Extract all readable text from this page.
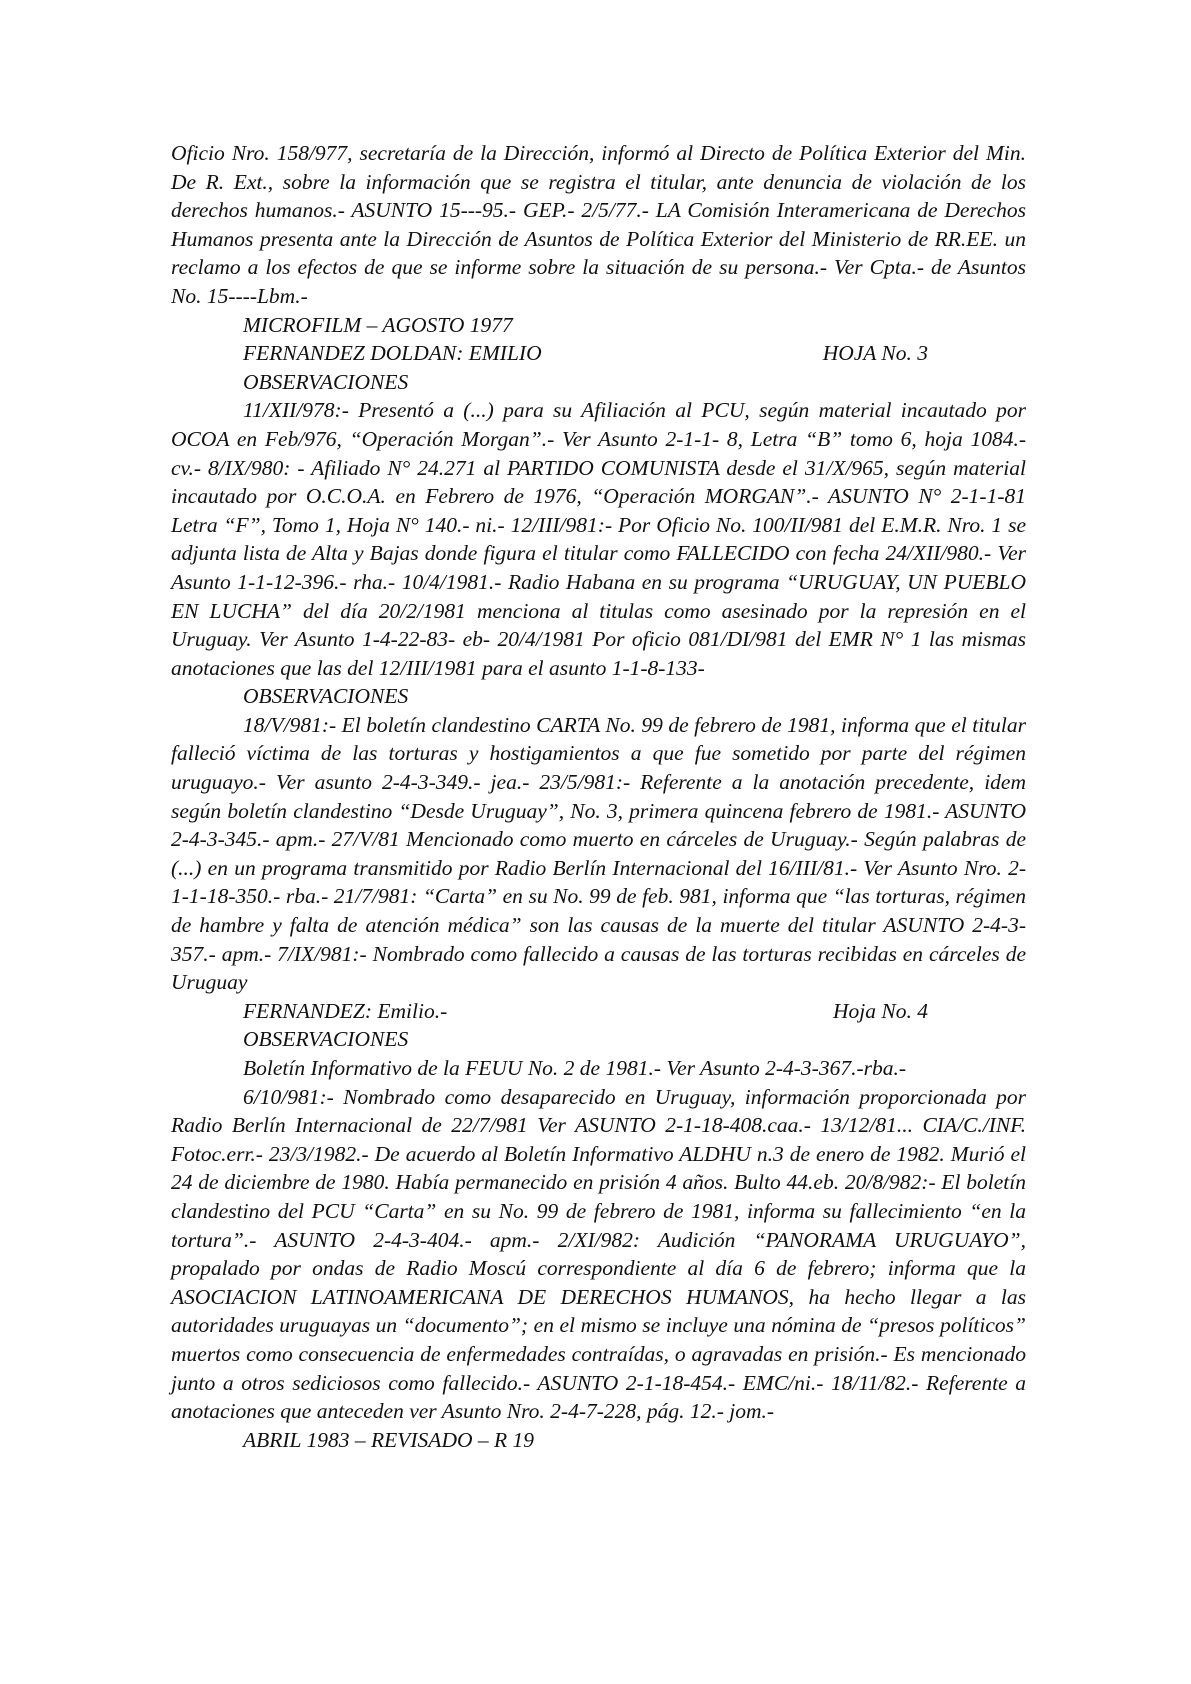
Oficio Nro. 158/977, secretaría de la Dirección, informó al Directo de Política Exterior del Min. De R. Ext., sobre la información que se registra el titular, ante denuncia de violación de los derechos humanos.- ASUNTO 15---95.- GEP.- 2/5/77.- LA Comisión Interamericana de Derechos Humanos presenta ante la Dirección de Asuntos de Política Exterior del Ministerio de RR.EE. un reclamo a los efectos de que se informe sobre la situación de su persona.- Ver Cpta.- de Asuntos No. 15----Lbm.-

MICROFILM – AGOSTO 1977

FERNANDEZ DOLDAN: EMILIO	HOJA No. 3

OBSERVACIONES

11/XII/978:- Presentó a (...) para su Afiliación al PCU, según material incautado por OCOA en Feb/976, “Operación Morgan”.- Ver Asunto 2-1-1- 8, Letra “B” tomo 6, hoja 1084.- cv.- 8/IX/980: - Afiliado N° 24.271 al PARTIDO COMUNISTA desde el 31/X/965, según material incautado por O.C.O.A. en Febrero de 1976, “Operación MORGAN”.- ASUNTO N° 2-1-1-81 Letra “F”, Tomo 1, Hoja N° 140.- ni.- 12/III/981:- Por Oficio No. 100/II/981 del E.M.R. Nro. 1 se adjunta lista de Alta y Bajas donde figura el titular como FALLECIDO con fecha 24/XII/980.- Ver Asunto 1-1-12-396.- rha.- 10/4/1981.- Radio Habana en su programa “URUGUAY, UN PUEBLO EN LUCHA” del día 20/2/1981 menciona al titulas como asesinado por la represión en el Uruguay. Ver Asunto 1-4-22-83- eb- 20/4/1981 Por oficio 081/DI/981 del EMR N° 1 las mismas anotaciones que las del 12/III/1981 para el asunto 1-1-8-133-

OBSERVACIONES

18/V/981:- El boletín clandestino CARTA No. 99 de febrero de 1981, informa que el titular falleció víctima de las torturas y hostigamientos a que fue sometido por parte del régimen uruguayo.- Ver asunto 2-4-3-349.- jea.- 23/5/981:- Referente a la anotación precedente, idem según boletín clandestino “Desde Uruguay”, No. 3, primera quincena febrero de 1981.- ASUNTO 2-4-3-345.- apm.- 27/V/81 Mencionado como muerto en cárceles de Uruguay.- Según palabras de (...) en un programa transmitido por Radio Berlín Internacional del 16/III/81.- Ver Asunto Nro. 2-1-1-18-350.- rba.- 21/7/981: “Carta” en su No. 99 de feb. 981, informa que “las torturas, régimen de hambre y falta de atención médica” son las causas de la muerte del titular ASUNTO 2-4-3-357.- apm.- 7/IX/981:- Nombrado como fallecido a causas de las torturas recibidas en cárceles de Uruguay

FERNANDEZ: Emilio.-	Hoja No. 4

OBSERVACIONES

Boletín Informativo de la FEUU No. 2 de 1981.- Ver Asunto 2-4-3-367.-rba.-

6/10/981:- Nombrado como desaparecido en Uruguay, información proporcionada por Radio Berlín Internacional de 22/7/981 Ver ASUNTO 2-1-18-408.caa.- 13/12/81... CIA/C./INF. Fotoc.err.- 23/3/1982.- De acuerdo al Boletín Informativo ALDHU n.3 de enero de 1982. Murió el 24 de diciembre de 1980. Había permanecido en prisión 4 años. Bulto 44.eb. 20/8/982:- El boletín clandestino del PCU “Carta” en su No. 99 de febrero de 1981, informa su fallecimiento “en la tortura”.- ASUNTO 2-4-3-404.- apm.- 2/XI/982: Audición “PANORAMA URUGUAYO”, propalado por ondas de Radio Moscú correspondiente al día 6 de febrero; informa que la ASOCIACION LATINOAMERICANA DE DERECHOS HUMANOS, ha hecho llegar a las autoridades uruguayas un “documento”; en el mismo se incluye una nómina de “presos políticos” muertos como consecuencia de enfermedades contraídas, o agravadas en prisión.- Es mencionado junto a otros sediciosos como fallecido.- ASUNTO 2-1-18-454.- EMC/ni.- 18/11/82.- Referente a anotaciones que anteceden ver Asunto Nro. 2-4-7-228, pág. 12.- jom.-

ABRIL 1983 – REVISADO – R 19
